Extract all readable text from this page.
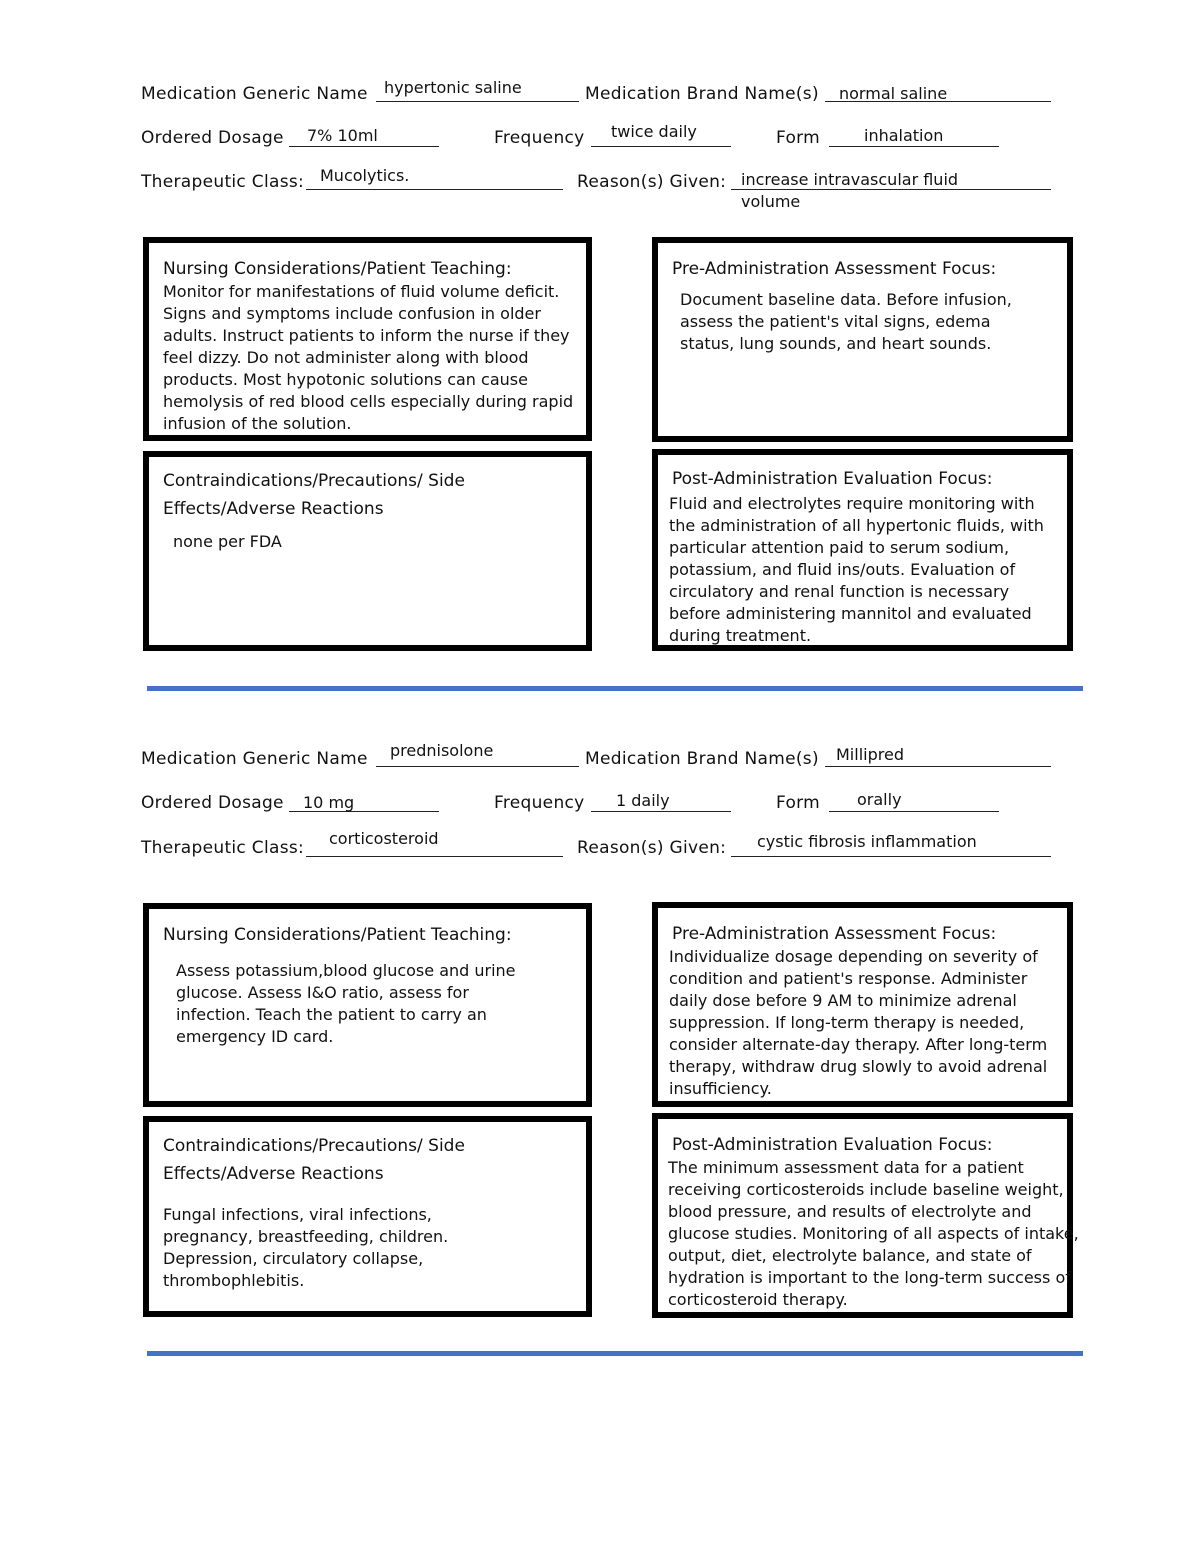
Medication Generic Name hypertonic saline	Medication Brand Name(s) normal saline
Ordered Dosage 7% 10ml	Frequency twice daily	Form	inhalation
Therapeutic Class: Mucolytics.	Reason(s) Given: increase intravascular fluid
volume
Nursing Considerations/Patient Teaching:
Monitor for manifestations of fluid volume deficit. Signs and symptoms include confusion in older adults. Instruct patients to inform the nurse if they feel dizzy. Do not administer along with blood products. Most hypotonic solutions can cause hemolysis of red blood cells especially during rapid infusion of the solution.
Pre-Administration Assessment Focus:
Document baseline data. Before infusion, assess the patient's vital signs, edema status, lung sounds, and heart sounds.
Contraindications/Precautions/ Side Effects/Adverse Reactions
none per FDA
Post-Administration Evaluation Focus:
Fluid and electrolytes require monitoring with the administration of all hypertonic fluids, with particular attention paid to serum sodium, potassium, and fluid ins/outs. Evaluation of circulatory and renal function is necessary before administering mannitol and evaluated during treatment.
Medication Generic Name prednisolone	Medication Brand Name(s) Millipred
Ordered Dosage 10 mg	Frequency 1 daily	Form orally
Therapeutic Class: corticosteroid	Reason(s) Given: cystic fibrosis inflammation
Nursing Considerations/Patient Teaching:
Assess potassium,blood glucose and urine glucose. Assess I&O ratio, assess for infection. Teach the patient to carry an emergency ID card.
Pre-Administration Assessment Focus:
Individualize dosage depending on severity of condition and patient's response. Administer daily dose before 9 AM to minimize adrenal suppression. If long-term therapy is needed, consider alternate-day therapy. After long-term therapy, withdraw drug slowly to avoid adrenal insufficiency.
Contraindications/Precautions/ Side Effects/Adverse Reactions
Fungal infections, viral infections, pregnancy, breastfeeding, children. Depression, circulatory collapse, thrombophlebitis.
Post-Administration Evaluation Focus:
The minimum assessment data for a patient receiving corticosteroids include baseline weight, blood pressure, and results of electrolyte and glucose studies. Monitoring of all aspects of intake, output, diet, electrolyte balance, and state of hydration is important to the long-term success of corticosteroid therapy.
